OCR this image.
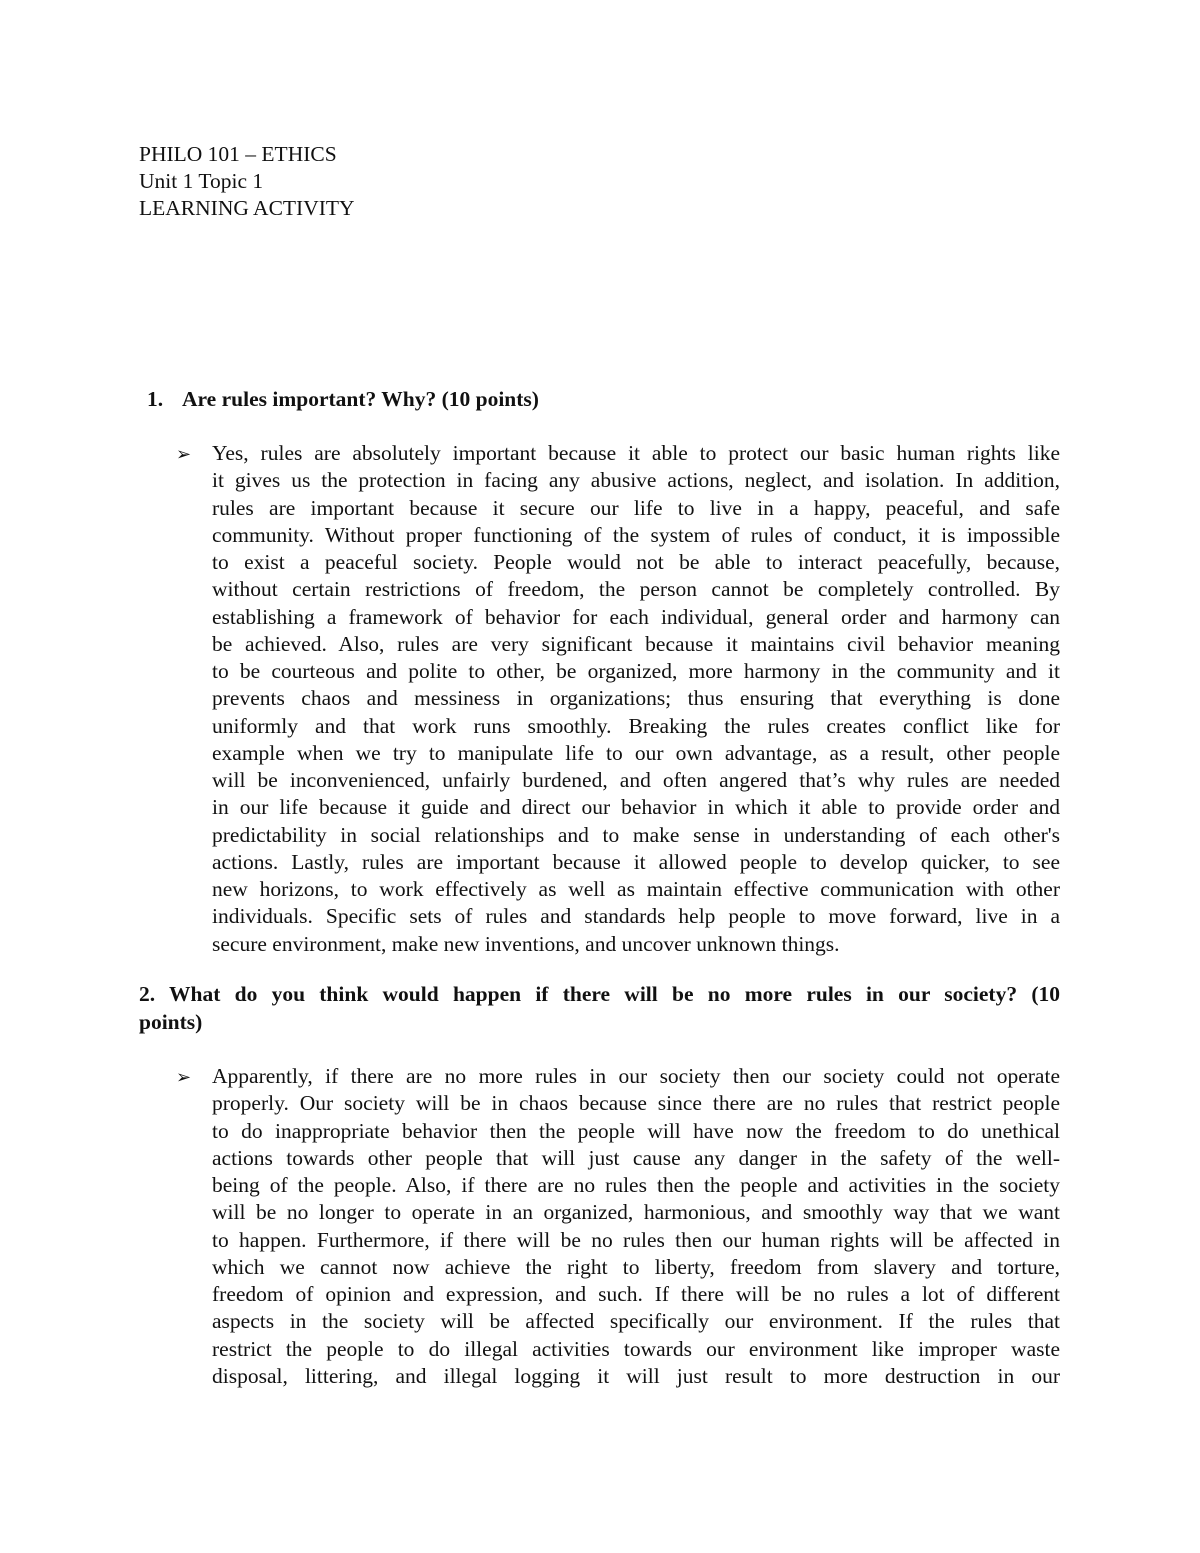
PHILO 101 – ETHICS
Unit 1 Topic 1
LEARNING ACTIVITY
1. Are rules important? Why? (10 points)
➢ Yes, rules are absolutely important because it able to protect our basic human rights like
it gives us the protection in facing any abusive actions, neglect, and isolation. In addition,
rules are important because it secure our life to live in a happy, peaceful, and safe
community. Without proper functioning of the system of rules of conduct, it is impossible
to exist a peaceful society. People would not be able to interact peacefully, because,
without certain restrictions of freedom, the person cannot be completely controlled. By
establishing a framework of behavior for each individual, general order and harmony can
be achieved. Also, rules are very significant because it maintains civil behavior meaning
to be courteous and polite to other, be organized, more harmony in the community and it
prevents chaos and messiness in organizations; thus ensuring that everything is done
uniformly and that work runs smoothly. Breaking the rules creates conflict like for
example when we try to manipulate life to our own advantage, as a result, other people
will be inconvenienced, unfairly burdened, and often angered that’s why rules are needed
in our life because it guide and direct our behavior in which it able to provide order and
predictability in social relationships and to make sense in understanding of each other's
actions. Lastly, rules are important because it allowed people to develop quicker, to see
new horizons, to work effectively as well as maintain effective communication with other
individuals. Specific sets of rules and standards help people to move forward, live in a
secure environment, make new inventions, and uncover unknown things.
2. What do you think would happen if there will be no more rules in our society? (10
points)
➢ Apparently, if there are no more rules in our society then our society could not operate
properly. Our society will be in chaos because since there are no rules that restrict people
to do inappropriate behavior then the people will have now the freedom to do unethical
actions towards other people that will just cause any danger in the safety of the well-
being of the people. Also, if there are no rules then the people and activities in the society
will be no longer to operate in an organized, harmonious, and smoothly way that we want
to happen. Furthermore, if there will be no rules then our human rights will be affected in
which we cannot now achieve the right to liberty, freedom from slavery and torture,
freedom of opinion and expression, and such. If there will be no rules a lot of different
aspects in the society will be affected specifically our environment. If the rules that
restrict the people to do illegal activities towards our environment like improper waste
disposal, littering, and illegal logging it will just result to more destruction in our
